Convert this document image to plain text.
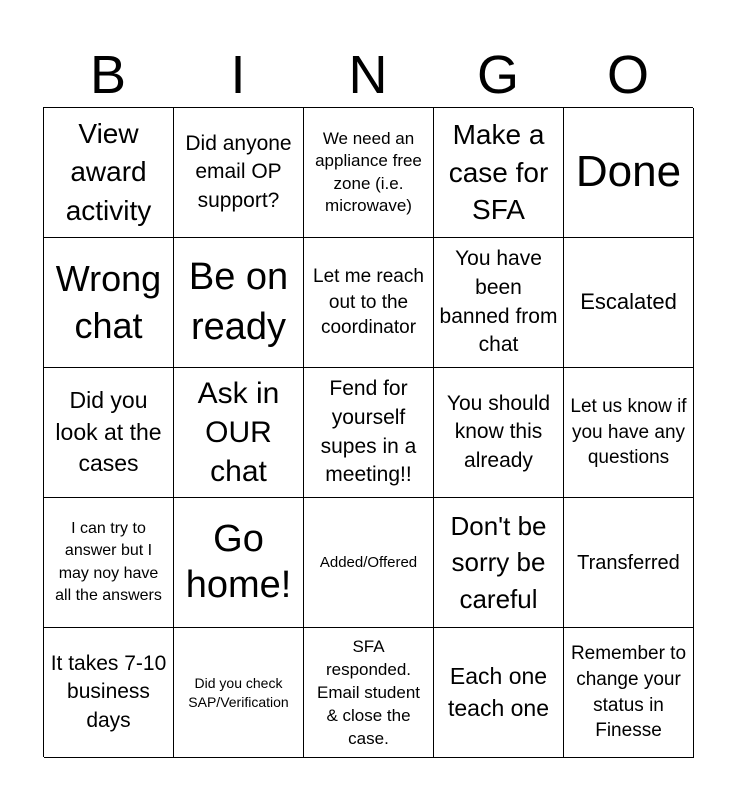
B	I	N	G	O
View award activity
Did anyone email OP support?
We need an appliance free zone (i.e. microwave)
Make a case for SFA
Done
Wrong chat
Be on ready
Let me reach out to the coordinator
You have been banned from chat
Escalated
Did you look at the cases
Ask in OUR chat
Fend for yourself supes in a meeting!!
You should know this already
Let us know if you have any questions
I can try to answer but I may noy have all the answers
Go home!
Added/Offered
Don't be sorry be careful
Transferred
It takes 7-10 business days
Did you check SAP/Verification
SFA responded. Email student & close the case.
Each one teach one
Remember to change your status in Finesse
